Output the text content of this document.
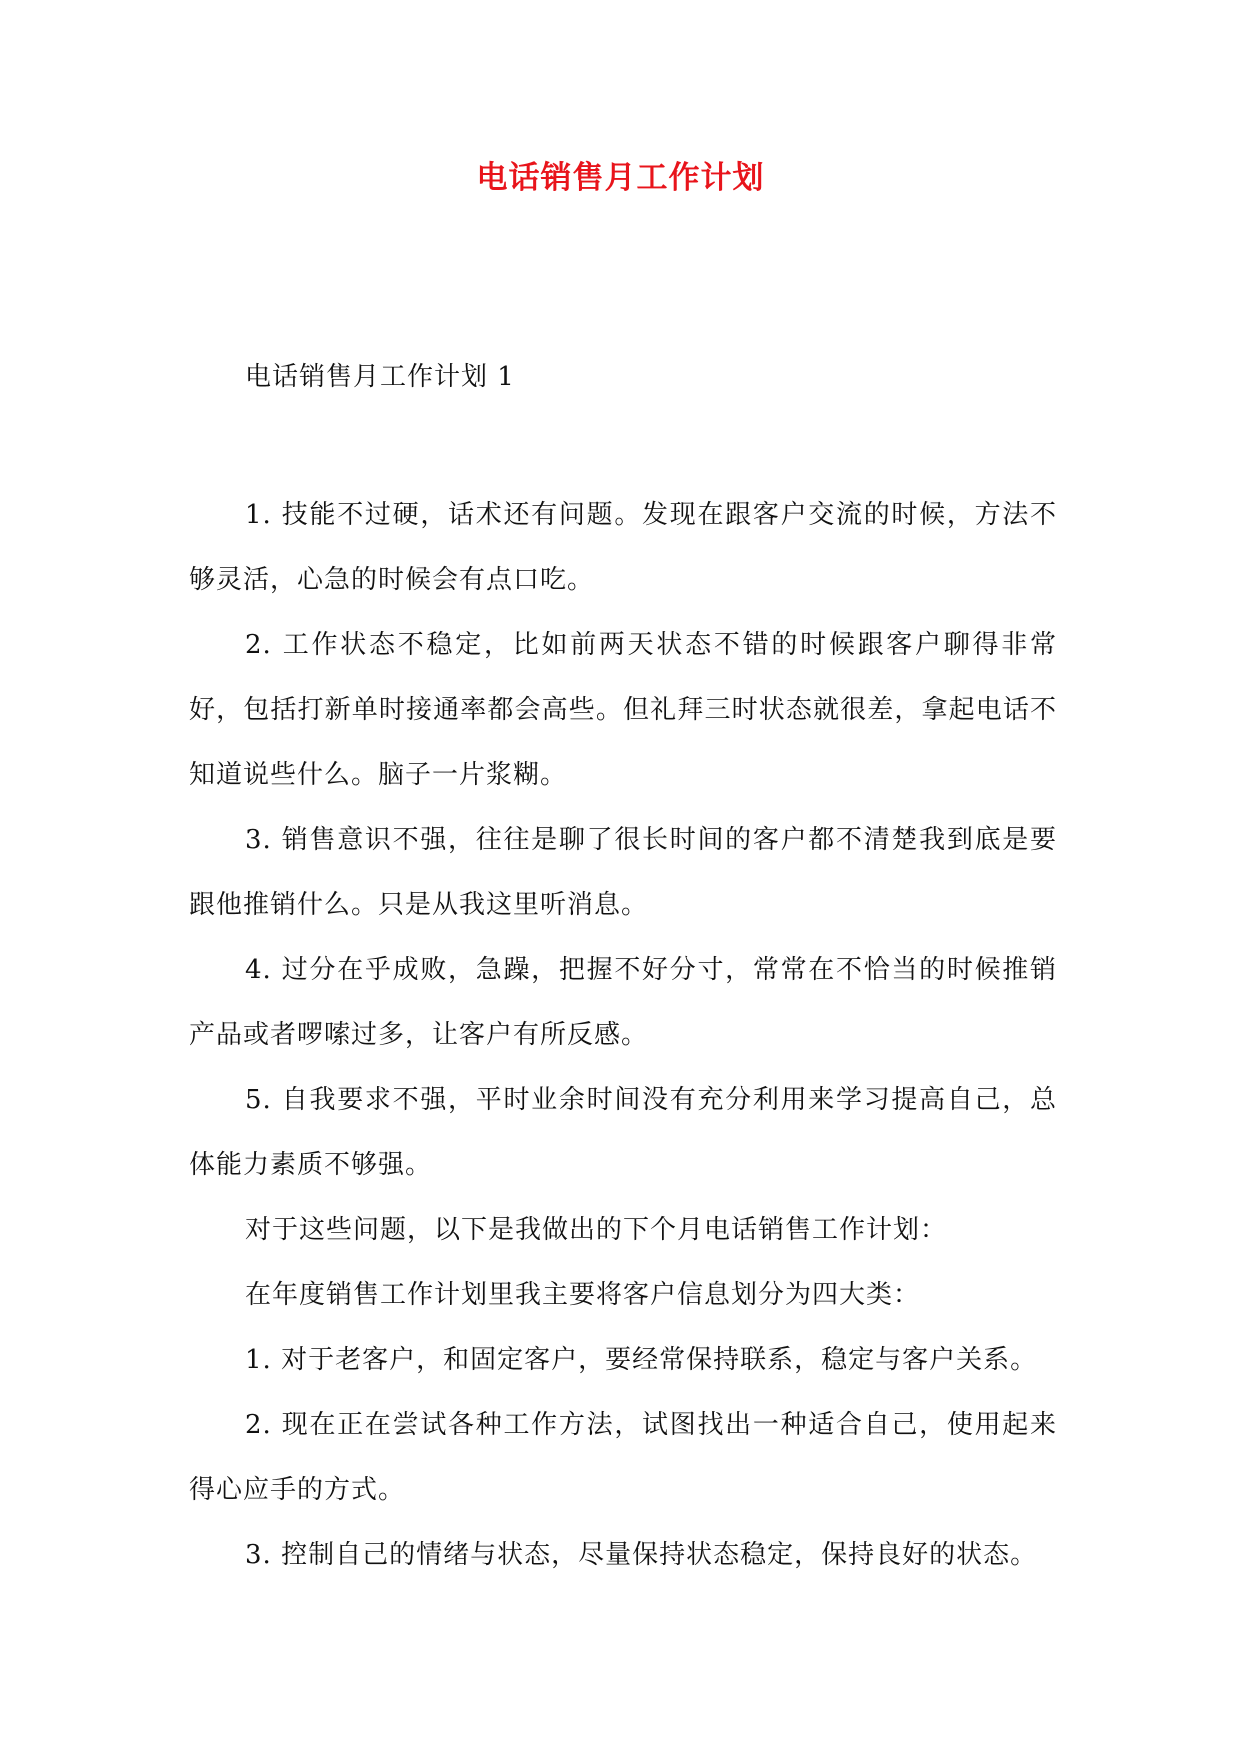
电话销售月工作计划
电话销售月工作计划 1

1. 技能不过硬，话术还有问题。发现在跟客户交流的时候，方法不够灵活，心急的时候会有点口吃。

2. 工作状态不稳定，比如前两天状态不错的时候跟客户聊得非常好，包括打新单时接通率都会高些。但礼拜三时状态就很差，拿起电话不知道说些什么。脑子一片浆糊。

3. 销售意识不强，往往是聊了很长时间的客户都不清楚我到底是要跟他推销什么。只是从我这里听消息。

4. 过分在乎成败，急躁，把握不好分寸，常常在不恰当的时候推销产品或者啰嗦过多，让客户有所反感。

5. 自我要求不强，平时业余时间没有充分利用来学习提高自己，总体能力素质不够强。

对于这些问题，以下是我做出的下个月电话销售工作计划：

在年度销售工作计划里我主要将客户信息划分为四大类：

1. 对于老客户，和固定客户，要经常保持联系，稳定与客户关系。

2. 现在正在尝试各种工作方法，试图找出一种适合自己，使用起来得心应手的方式。

3. 控制自己的情绪与状态，尽量保持状态稳定，保持良好的状态。
